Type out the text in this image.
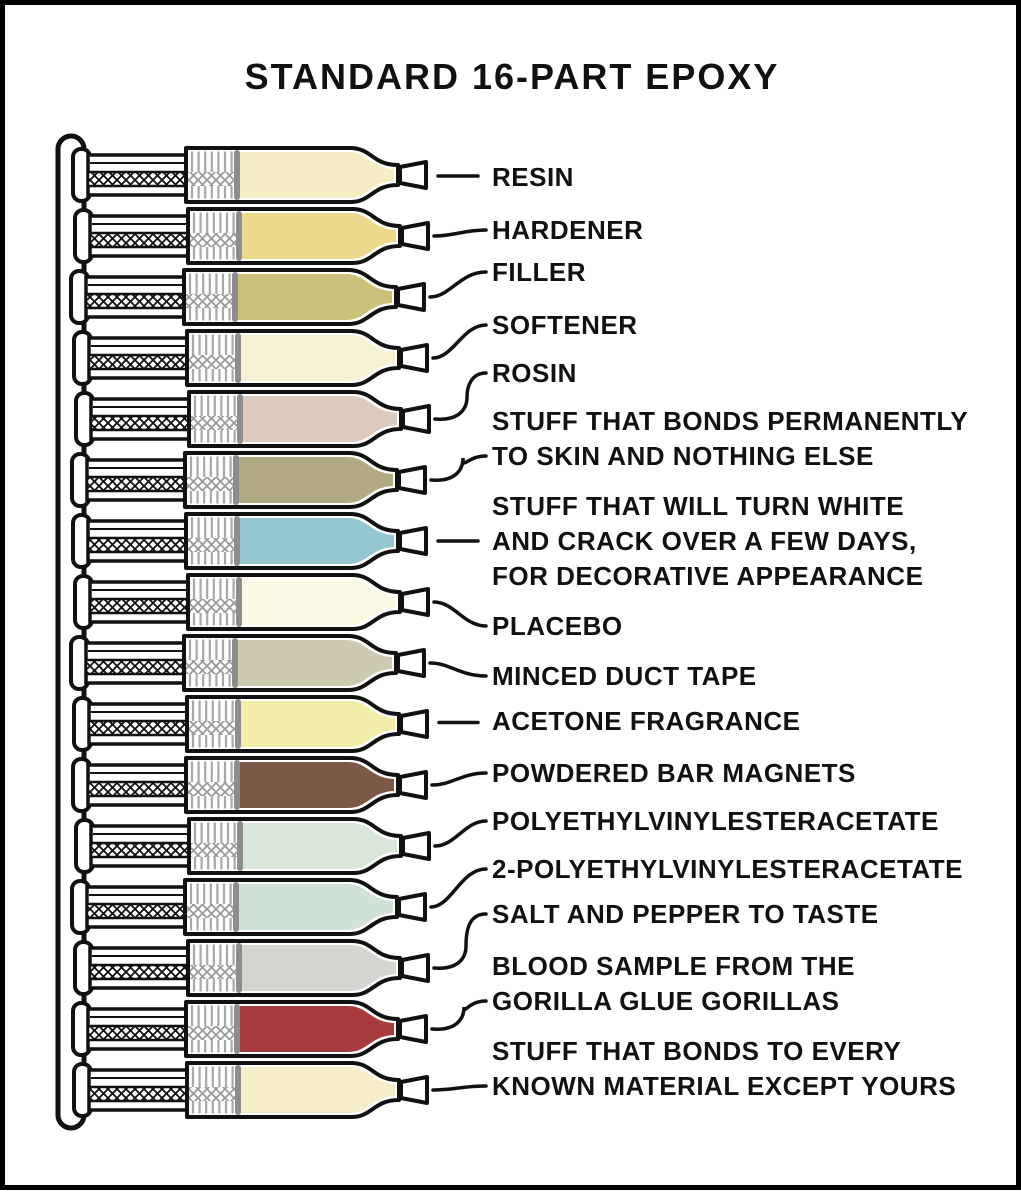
STANDARD 16-PART EPOXY
RESIN
HARDENER
FILLER
SOFTENER
ROSIN
STUFF THAT BONDS PERMANENTLY
TO SKIN AND NOTHING ELSE
STUFF THAT WILL TURN WHITE
AND CRACK OVER A FEW DAYS,
FOR DECORATIVE APPEARANCE
PLACEBO
MINCED DUCT TAPE
ACETONE FRAGRANCE
POWDERED BAR MAGNETS
POLYETHYLVINYLESTERACETATE
2-POLYETHYLVINYLESTERACETATE
SALT AND PEPPER TO TASTE
BLOOD SAMPLE FROM THE
GORILLA GLUE GORILLAS
STUFF THAT BONDS TO EVERY
KNOWN MATERIAL EXCEPT YOURS
